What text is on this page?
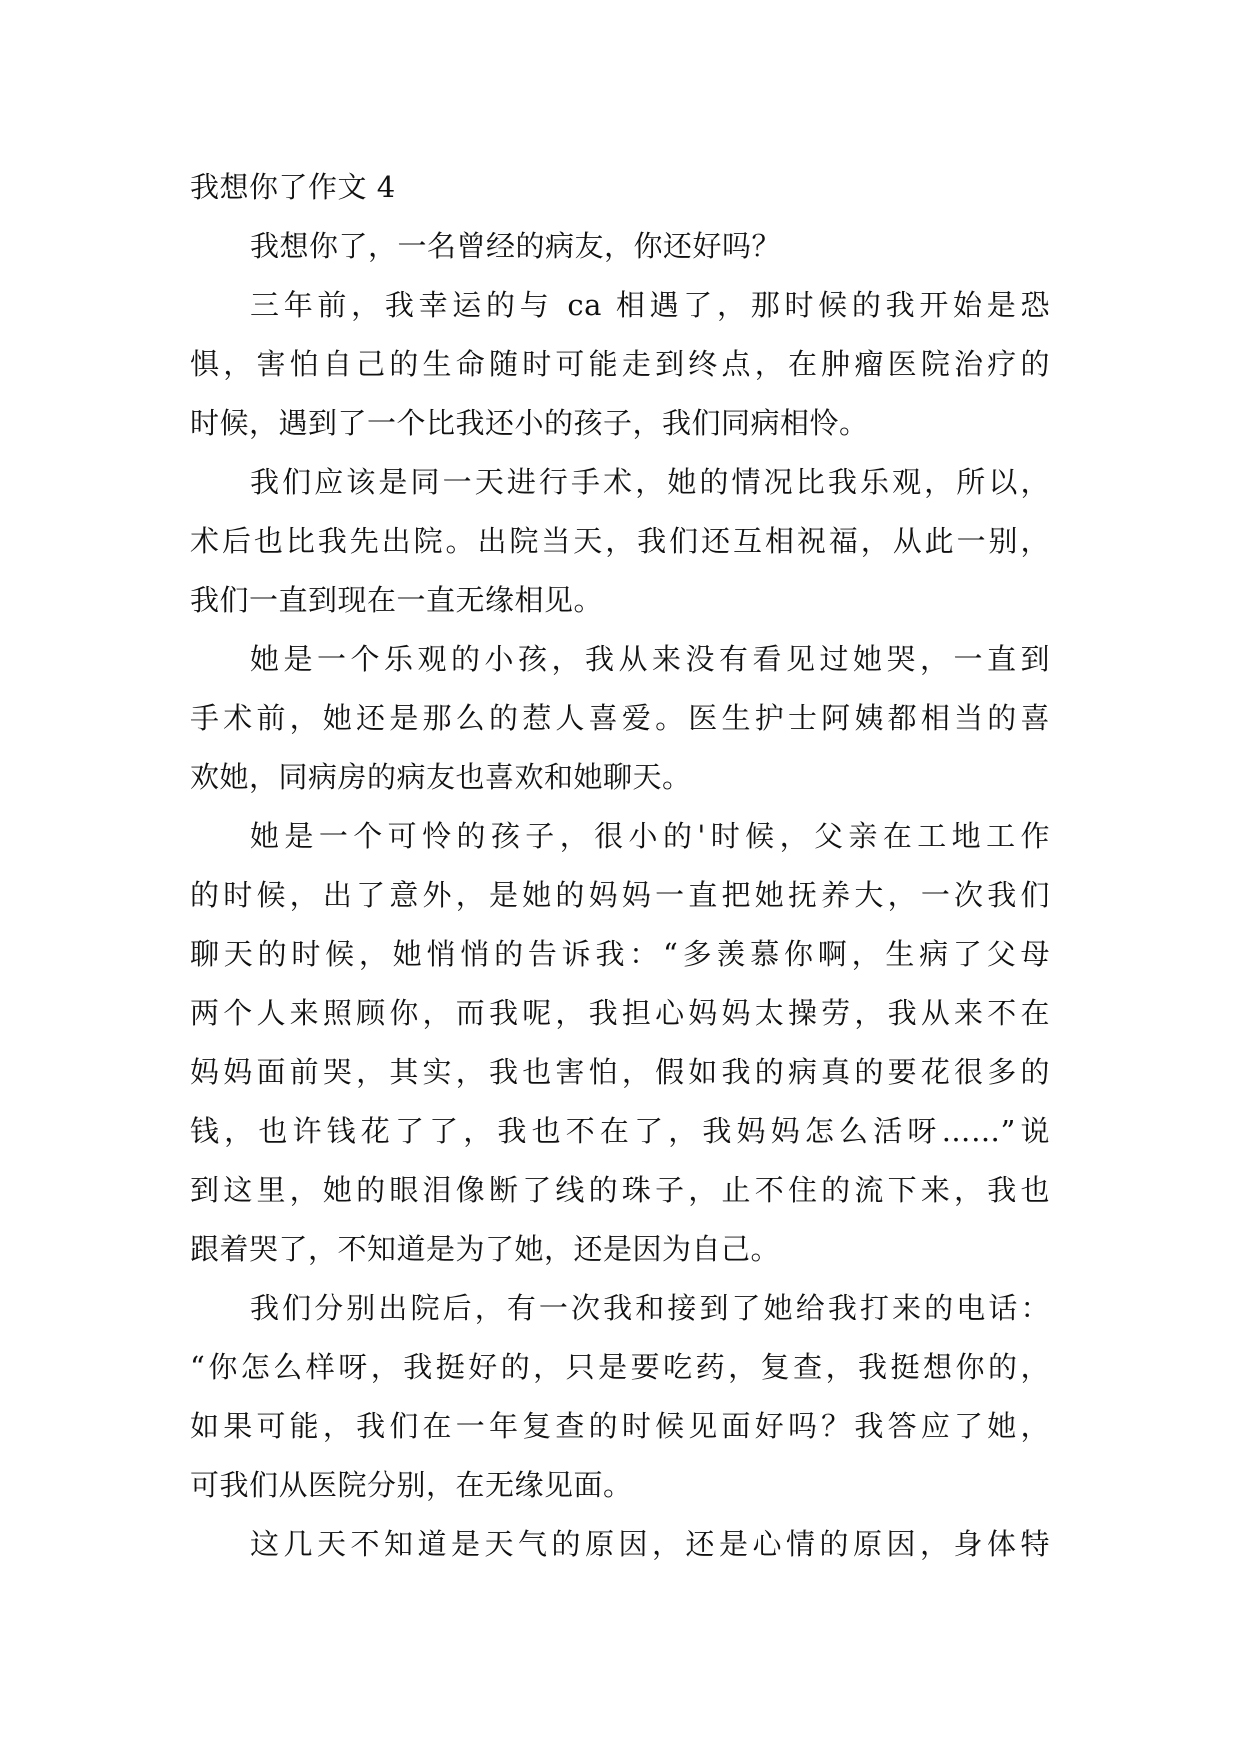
我想你了作文 4
我想你了，一名曾经的病友，你还好吗？
三年前，我幸运的与 ca 相遇了，那时候的我开始是恐
惧，害怕自己的生命随时可能走到终点，在肿瘤医院治疗的
时候，遇到了一个比我还小的孩子，我们同病相怜。
我们应该是同一天进行手术，她的情况比我乐观，所以，
术后也比我先出院。出院当天，我们还互相祝福，从此一别，
我们一直到现在一直无缘相见。
她是一个乐观的小孩，我从来没有看见过她哭，一直到
手术前，她还是那么的惹人喜爱。医生护士阿姨都相当的喜
欢她，同病房的病友也喜欢和她聊天。
她是一个可怜的孩子，很小的'时候，父亲在工地工作
的时候，出了意外，是她的妈妈一直把她抚养大，一次我们
聊天的时候，她悄悄的告诉我：“多羡慕你啊，生病了父母
两个人来照顾你，而我呢，我担心妈妈太操劳，我从来不在
妈妈面前哭，其实，我也害怕，假如我的病真的要花很多的
钱，也许钱花了了，我也不在了，我妈妈怎么活呀……”说
到这里，她的眼泪像断了线的珠子，止不住的流下来，我也
跟着哭了，不知道是为了她，还是因为自己。
我们分别出院后，有一次我和接到了她给我打来的电话：
“你怎么样呀，我挺好的，只是要吃药，复查，我挺想你的，
如果可能，我们在一年复查的时候见面好吗？我答应了她，
可我们从医院分别，在无缘见面。
这几天不知道是天气的原因，还是心情的原因，身体特
